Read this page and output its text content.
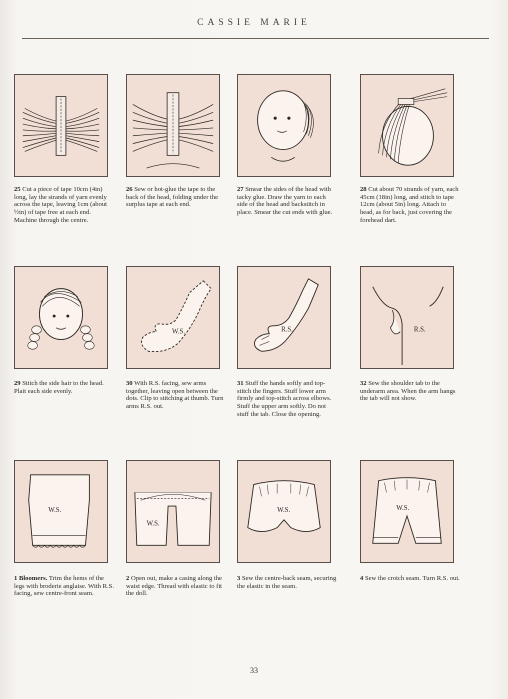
CASSIE MARIE
25 Cut a piece of tape 10cm (4in) long, lay the strands of yarn evenly across the tape, leaving 1cm (about ½in) of tape free at each end. Machine through the centre.
26 Sew or hot-glue the tape to the back of the head, folding under the surplus tape at each end.
27 Smear the sides of the head with tacky glue. Draw the yarn to each side of the head and backstitch in place. Smear the cut ends with glue.
28 Cut about 70 strands of yarn, each 45cm (18in) long, and stitch to tape 12cm (about 5in) long. Attach to head, as for back, just covering the forehead dart.
W.S.	R.S.	R.S.
29 Stitch the side hair to the head. Plait each side evenly.
30 With R.S. facing, sew arms together, leaving open between the dots. Clip to stitching at thumb. Turn arms R.S. out.
31 Stuff the hands softly and top-stitch the fingers. Stuff lower arm firmly and top-stitch across elbows. Stuff the upper arm softly. Do not stuff the tab. Close the opening.
32 Sew the shoulder tab to the underarm area. When the arm hangs the tab will not show.
W.S.
W.S.
W.S.	W.S.
1 Bloomers. Trim the hems of the legs with broderie anglaise. With R.S. facing, sew centre-front seam.
2 Open out, make a casing along the waist edge. Thread with elastic to fit the doll.
3 Sew the centre-back seam, securing the elastic in the seam.
4 Sew the crotch seam. Turn R.S. out.
33
